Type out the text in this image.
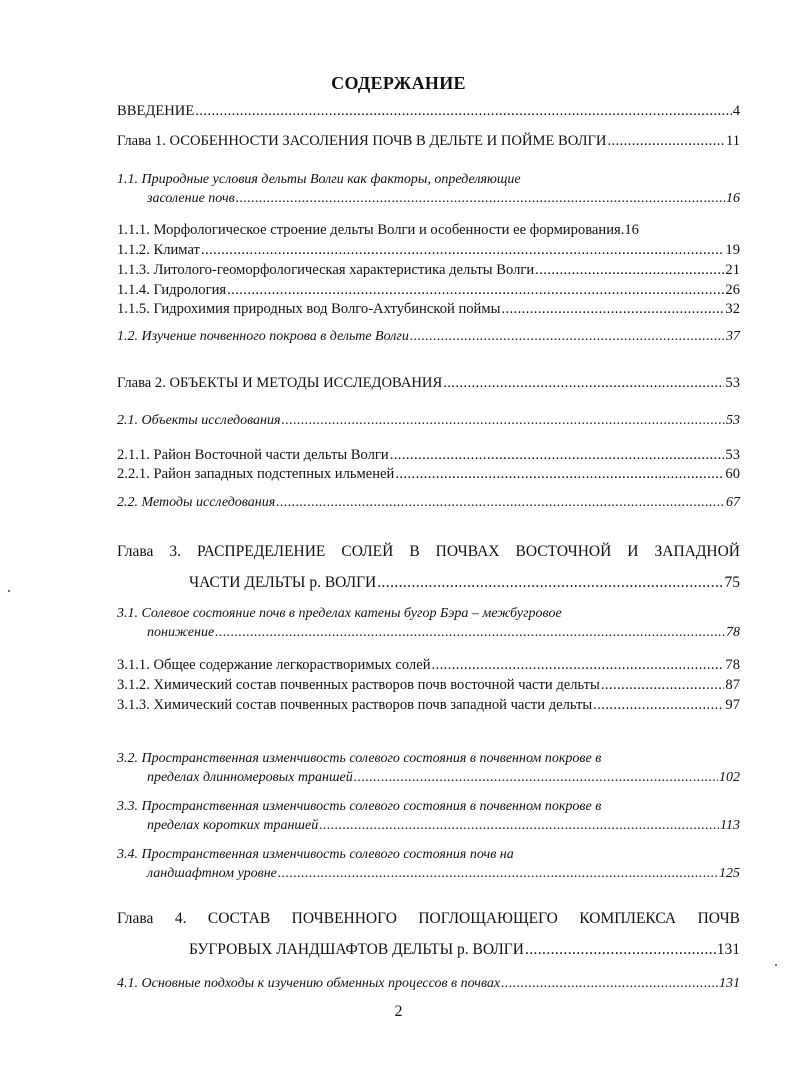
СОДЕРЖАНИЕ
ВВЕДЕНИЕ .....	4
Глава 1. ОСОБЕННОСТИ ЗАСОЛЕНИЯ ПОЧВ В ДЕЛЬТЕ И ПОЙМЕ ВОЛГИ .....	11
1.1. Природные условия дельты Волги как факторы, определяющие
засоление почв .....	16
1.1.1. Морфологическое строение дельты Волги и особенности ее формирования. 16
1.1.2. Климат .....	19
1.1.3. Литолого-геоморфологическая характеристика дельты Волги .....	21
1.1.4. Гидрология .....	26
1.1.5. Гидрохимия природных вод Волго-Ахтубинской поймы .....	32
1.2. Изучение почвенного покрова в дельте Волги .....	37
Глава 2. ОБЪЕКТЫ И МЕТОДЫ ИССЛЕДОВАНИЯ .....	53
2.1. Объекты исследования .....	53
2.1.1. Район Восточной части дельты Волги .....	53
2.2.1. Район западных подстепных ильменей .....	60
2.2. Методы исследования .....	67
Глава 3. РАСПРЕДЕЛЕНИЕ СОЛЕЙ В ПОЧВАХ ВОСТОЧНОЙ И ЗАПАДНОЙ
ЧАСТИ ДЕЛЬТЫ р. ВОЛГИ .....	75
3.1. Солевое состояние почв в пределах катены бугор Бэра – межбугровое
понижение .....	78
3.1.1. Общее содержание легкорастворимых солей .....	78
3.1.2. Химический состав почвенных растворов почв восточной части дельты .....	87
3.1.3. Химический состав почвенных растворов почв западной части дельты .....	97
3.2. Пространственная изменчивость солевого состояния в почвенном покрове в
пределах длинномеровых траншей .....	102
3.3. Пространственная изменчивость солевого состояния в почвенном покрове в
пределах коротких траншей .....	113
3.4. Пространственная изменчивость солевого состояния почв на
ландшафтном уровне .....	125
Глава 4. СОСТАВ ПОЧВЕННОГО ПОГЛОЩАЮЩЕГО КОМПЛЕКСА ПОЧВ
БУГРОВЫХ ЛАНДШАФТОВ ДЕЛЬТЫ р. ВОЛГИ .....	131
4.1. Основные подходы к изучению обменных процессов в почвах .....	131
2
